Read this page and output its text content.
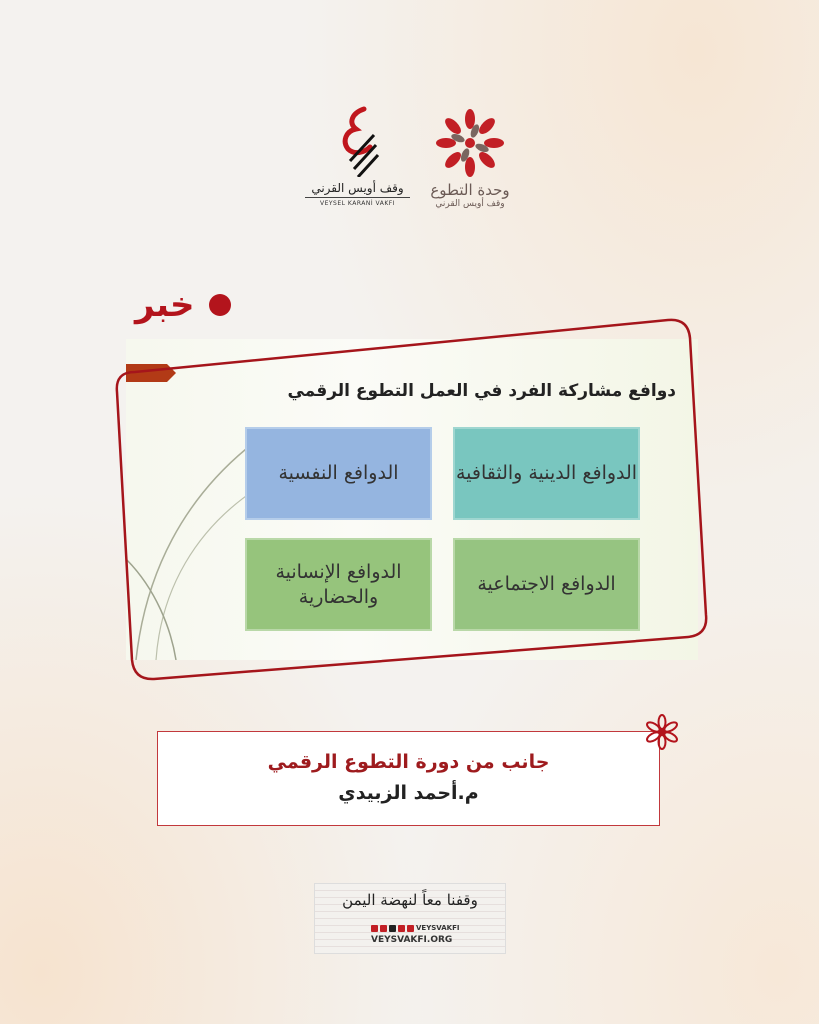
وقف أويس القرني
VEYSEL KARANİ VAKFI
وحدة التطوع
وقف أويس القرني
خبر
دوافع مشاركة الفرد في العمل التطوع الرقمي
الدوافع الدينية والثقافية
الدوافع النفسية
الدوافع الاجتماعية
الدوافع الإنسانية والحضارية
جانب من دورة التطوع الرقمي
م.أحمد الزبيدي
وقفنا معاً لنهضة اليمن
VEYSVAKFI
VEYSVAKFI.ORG
